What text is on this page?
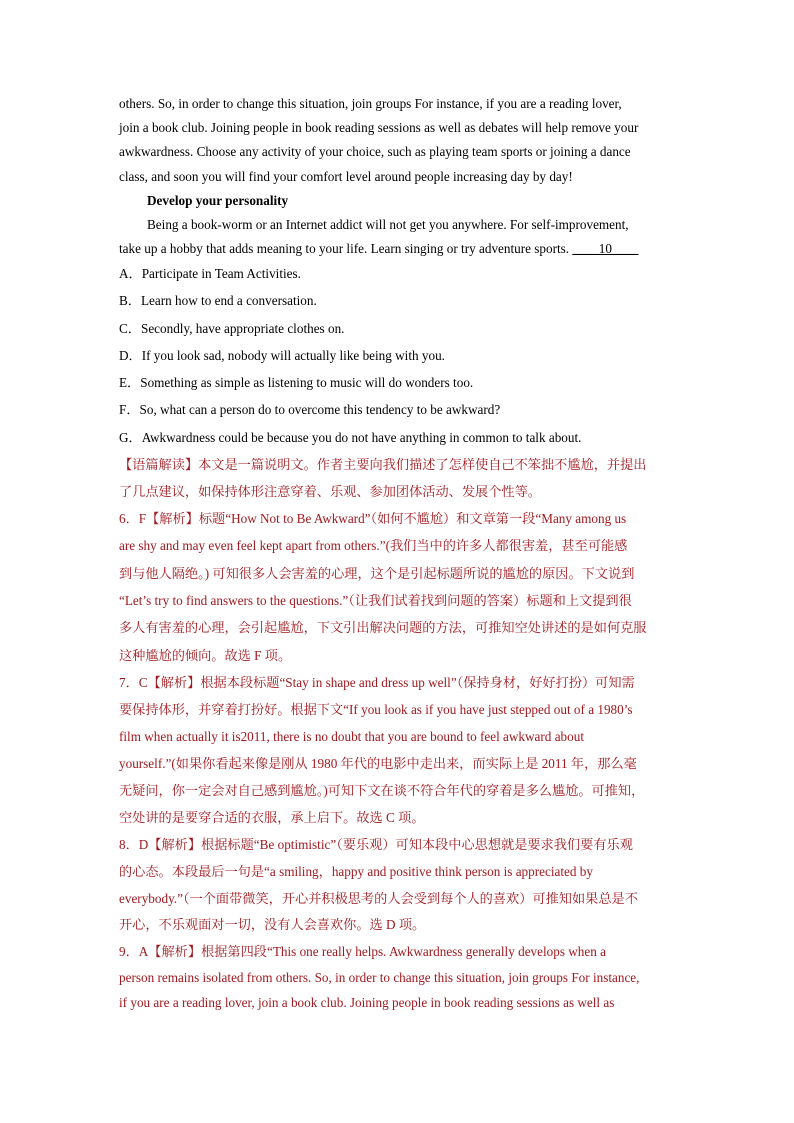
others. So, in order to change this situation, join groups For instance, if you are a reading lover,
join a book club. Joining people in book reading sessions as well as debates will help remove your
awkwardness. Choose any activity of your choice, such as playing team sports or joining a dance
class, and soon you will find your comfort level around people increasing day by day!
Develop your personality
Being a book-worm or an Internet addict will not get you anywhere. For self-improvement,
take up a hobby that adds meaning to your life. Learn singing or try adventure sports. ____10____
A．Participate in Team Activities.
B．Learn how to end a conversation.
C．Secondly, have appropriate clothes on.
D．If you look sad, nobody will actually like being with you.
E．Something as simple as listening to music will do wonders too.
F．So, what can a person do to overcome this tendency to be awkward?
G．Awkwardness could be because you do not have anything in common to talk about.
【语篇解读】本文是一篇说明文。作者主要向我们描述了怎样使自己不笨拙不尴尬，并提出
了几点建议，如保持体形注意穿着、乐观、参加团体活动、发展个性等。
6．F【解析】标题“How Not to Be Awkward”（如何不尴尬）和文章第一段“Many among us
are shy and may even feel kept apart from others.”(我们当中的许多人都很害羞，甚至可能感
到与他人隔绝。) 可知很多人会害羞的心理，这个是引起标题所说的尴尬的原因。下文说到
“Let’s try to find answers to the questions.”（让我们试着找到问题的答案）标题和上文提到很
多人有害羞的心理，会引起尴尬，下文引出解决问题的方法，可推知空处讲述的是如何克服
这种尴尬的倾向。故选 F 项。
7．C【解析】根据本段标题“Stay in shape and dress up well”（保持身材，好好打扮）可知需
要保持体形，并穿着打扮好。根据下文“If you look as if you have just stepped out of a 1980’s
film when actually it is2011, there is no doubt that you are bound to feel awkward about
yourself.”(如果你看起来像是刚从 1980 年代的电影中走出来，而实际上是 2011 年，那么毫
无疑问，你一定会对自己感到尴尬。)可知下文在谈不符合年代的穿着是多么尴尬。可推知，
空处讲的是要穿合适的衣服，承上启下。故选 C 项。
8．D【解析】根据标题“Be optimistic”（要乐观）可知本段中心思想就是要求我们要有乐观
的心态。本段最后一句是“a smiling，happy and positive think person is appreciated by
everybody.”（一个面带微笑，开心并积极思考的人会受到每个人的喜欢）可推知如果总是不
开心，不乐观面对一切，没有人会喜欢你。选 D 项。
9．A【解析】根据第四段“This one really helps. Awkwardness generally develops when a
person remains isolated from others. So, in order to change this situation, join groups For instance,
if you are a reading lover, join a book club. Joining people in book reading sessions as well as
